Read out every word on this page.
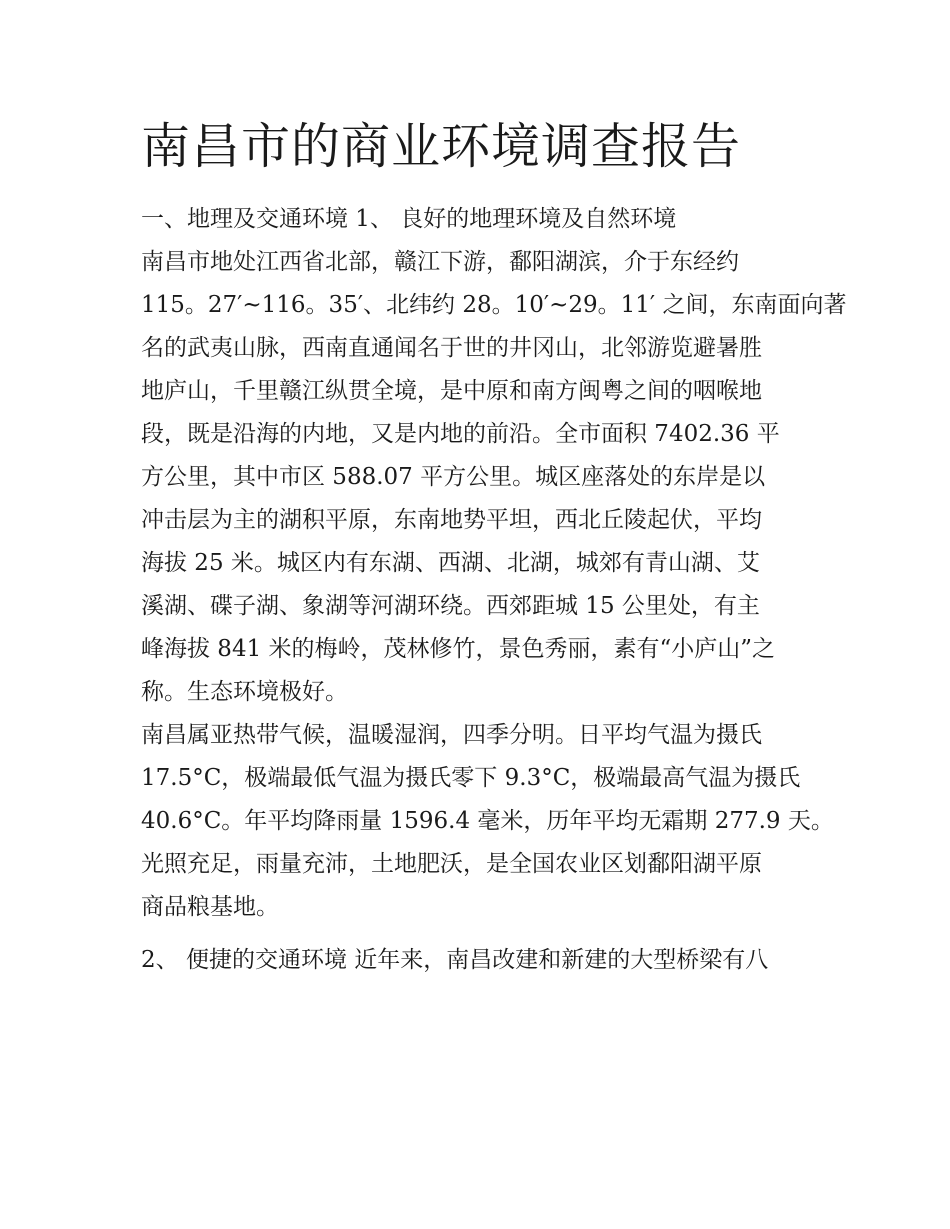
南昌市的商业环境调查报告

一、地理及交通环境 1、 良好的地理环境及自然环境

南昌市地处江西省北部，赣江下游，鄱阳湖滨，介于东经约

115。27′~116。35′、北纬约 28。10′~29。11′ 之间，东南面向著

名的武夷山脉，西南直通闻名于世的井冈山，北邻游览避暑胜

地庐山，千里赣江纵贯全境，是中原和南方闽粤之间的咽喉地

段，既是沿海的内地，又是内地的前沿。全市面积 7402.36 平

方公里，其中市区 588.07 平方公里。城区座落处的东岸是以

冲击层为主的湖积平原，东南地势平坦，西北丘陵起伏，平均

海拔 25 米。城区内有东湖、西湖、北湖，城郊有青山湖、艾

溪湖、碟子湖、象湖等河湖环绕。西郊距城 15 公里处，有主

峰海拔 841 米的梅岭，茂林修竹，景色秀丽，素有“小庐山”之

称。生态环境极好。

南昌属亚热带气候，温暖湿润，四季分明。日平均气温为摄氏

17.5°C，极端最低气温为摄氏零下 9.3°C，极端最高气温为摄氏

40.6°C。年平均降雨量 1596.4 毫米，历年平均无霜期 277.9 天。

光照充足，雨量充沛，土地肥沃，是全国农业区划鄱阳湖平原

商品粮基地。

2、 便捷的交通环境 近年来，南昌改建和新建的大型桥梁有八
